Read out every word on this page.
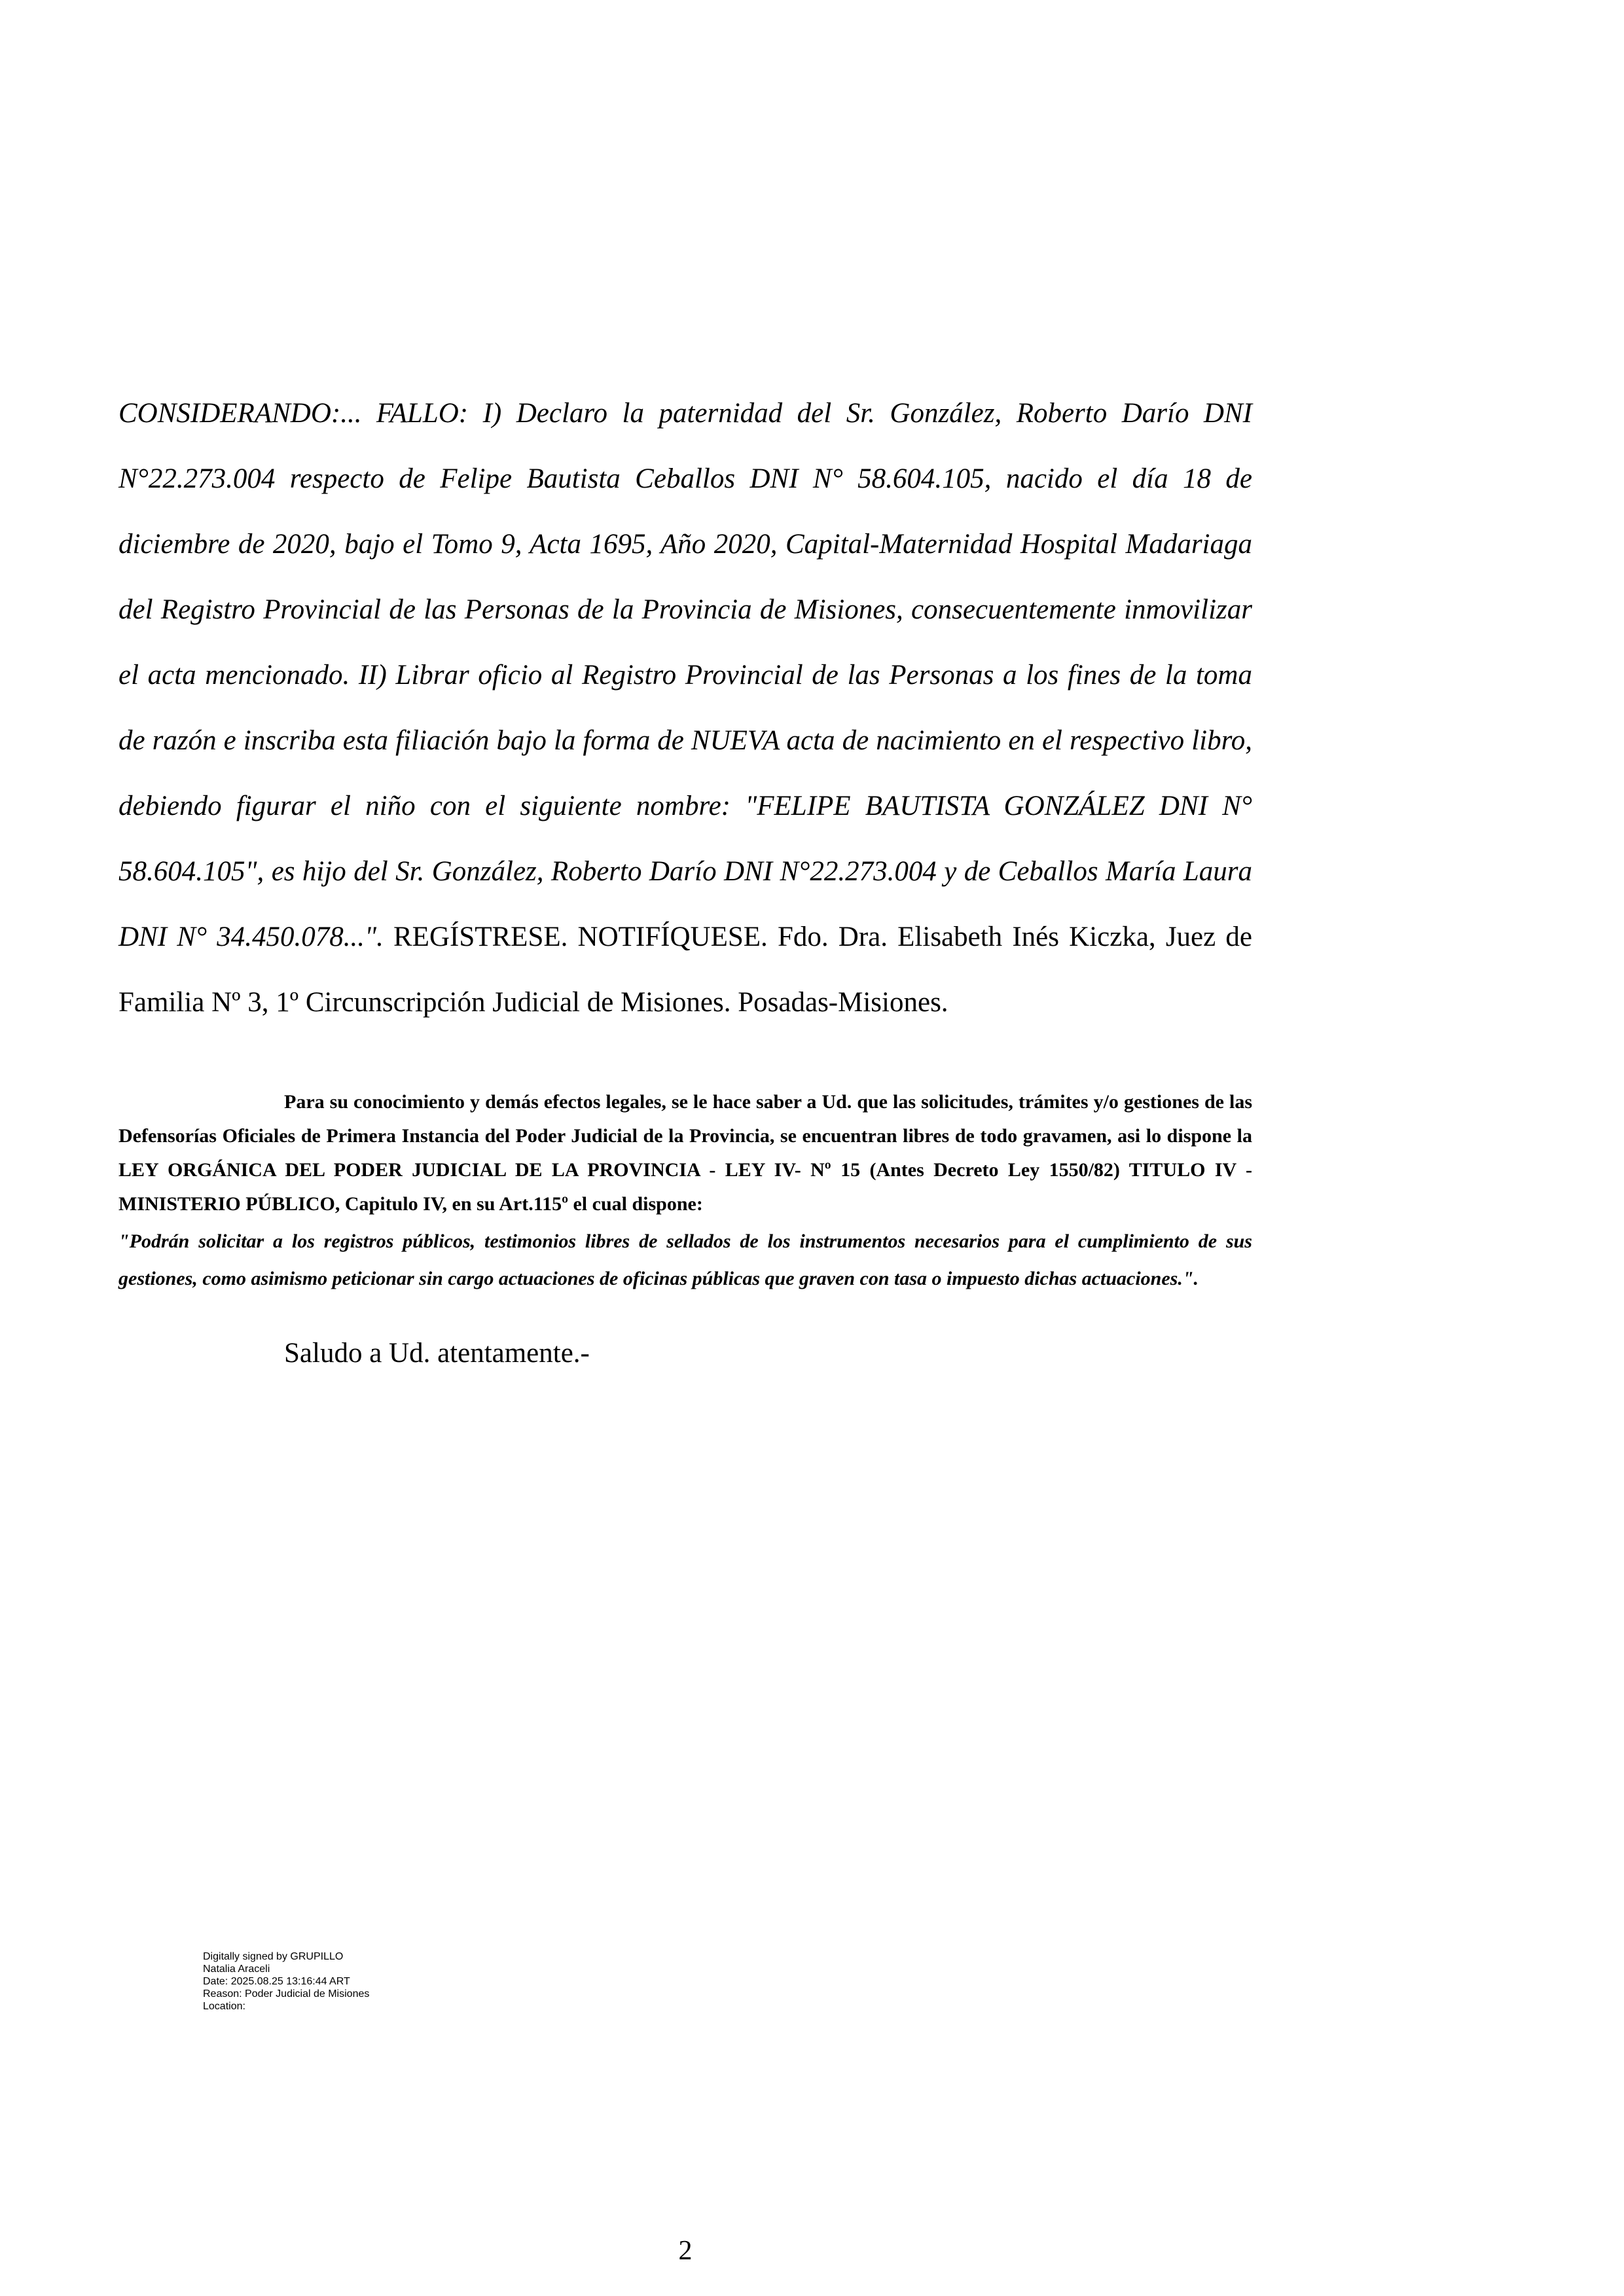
CONSIDERANDO:... FALLO: I) Declaro la paternidad del Sr. González, Roberto Darío DNI N°22.273.004 respecto de Felipe Bautista Ceballos DNI N° 58.604.105, nacido el día 18 de diciembre de 2020, bajo el Tomo 9, Acta 1695, Año 2020, Capital-Maternidad Hospital Madariaga del Registro Provincial de las Personas de la Provincia de Misiones, consecuentemente inmovilizar el acta mencionado. II) Librar oficio al Registro Provincial de las Personas a los fines de la toma de razón e inscriba esta filiación bajo la forma de NUEVA acta de nacimiento en el respectivo libro, debiendo figurar el niño con el siguiente nombre: "FELIPE BAUTISTA GONZÁLEZ DNI N° 58.604.105", es hijo del Sr. González, Roberto Darío DNI N°22.273.004 y de Ceballos María Laura DNI N° 34.450.078...". REGÍSTRESE. NOTIFÍQUESE. Fdo. Dra. Elisabeth Inés Kiczka, Juez de Familia Nº 3, 1º Circunscripción Judicial de Misiones. Posadas-Misiones.

Para su conocimiento y demás efectos legales, se le hace saber a Ud. que las solicitudes, trámites y/o gestiones de las Defensorías Oficiales de Primera Instancia del Poder Judicial de la Provincia, se encuentran libres de todo gravamen, asi lo dispone la LEY ORGÁNICA DEL PODER JUDICIAL DE LA PROVINCIA - LEY IV- Nº 15 (Antes Decreto Ley 1550/82) TITULO IV - MINISTERIO PÚBLICO, Capitulo IV, en su Art.115º el cual dispone:

"Podrán solicitar a los registros públicos, testimonios libres de sellados de los instrumentos necesarios para el cumplimiento de sus gestiones, como asimismo peticionar sin cargo actuaciones de oficinas públicas que graven con tasa o impuesto dichas actuaciones.".

Saludo a Ud. atentamente.-

Digitally signed by GRUPILLO
Natalia Araceli
Date: 2025.08.25 13:16:44 ART
Reason: Poder Judicial de Misiones
Location:
2
